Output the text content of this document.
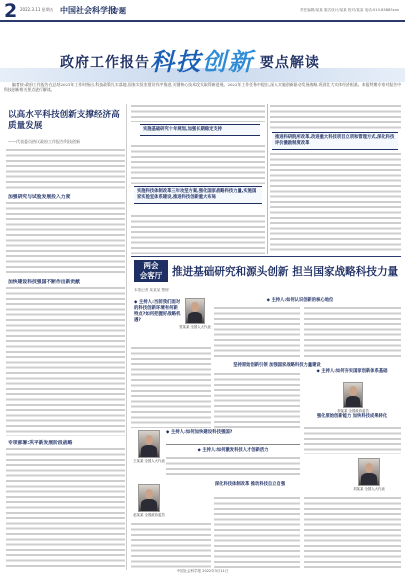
2 2022.3.11 星期五 中国社会科学报
专题	责任编辑/某某 版式设计/某某 校对/某某 电话:010-85885xxx
政府工作报告科技创新 要点解读
编者按:政府工作报告在总结2021年工作时指出,科技政策扎实落地,国家实验室建设有序推进,关键核心技术攻关取得新进展。2022年工作任务中提出,深入实施创新驱动发展战略,巩固壮大实体经济根基。本报特邀专家对报告中科技创新相关要点进行解读。
以高水平科技创新支撑经济高质量发展
——代表委员热议政府工作报告科技创新
加强研究与试验发展投入力度
加快建设科技强国不断作出新贡献
专项部署:巩平新发展阶段战略
实施基础研究十年规划,加强长期稳定支持
实施科技体制改革三年攻坚方案,强化国家战略科技力量,实施国家实验室体系建设,推进科技创新重大布局
推进科研院所改革,改进重大科技项目立项和管理方式,深化科技评价激励制度改革
两会
会客厅 推进基础研究和源头创新 担当国家战略科技力量
本报记者 某某某 整理
◆ 主持人:如何认识创新的核心地位
◆ 主持人:当前我们面对的科技创新环境有何新特点?如何把握好战略机遇?
张某某 全国人大代表
坚持原始创新引领 加强国家战略科技力量建设
◆ 主持人:如何夯实国家创新体系基础
李某某 全国政协委员
强化原始创新能力 加快科技成果转化
王某某 全国人大代表
◆ 主持人:如何加快建设科技强国?
◆ 主持人:如何激发科技人才创新活力
深化科技体制改革 推动科技自立自强
赵某某 全国政协委员
刘某某 全国人大代表
中国社会科学报 2022年3月11日
